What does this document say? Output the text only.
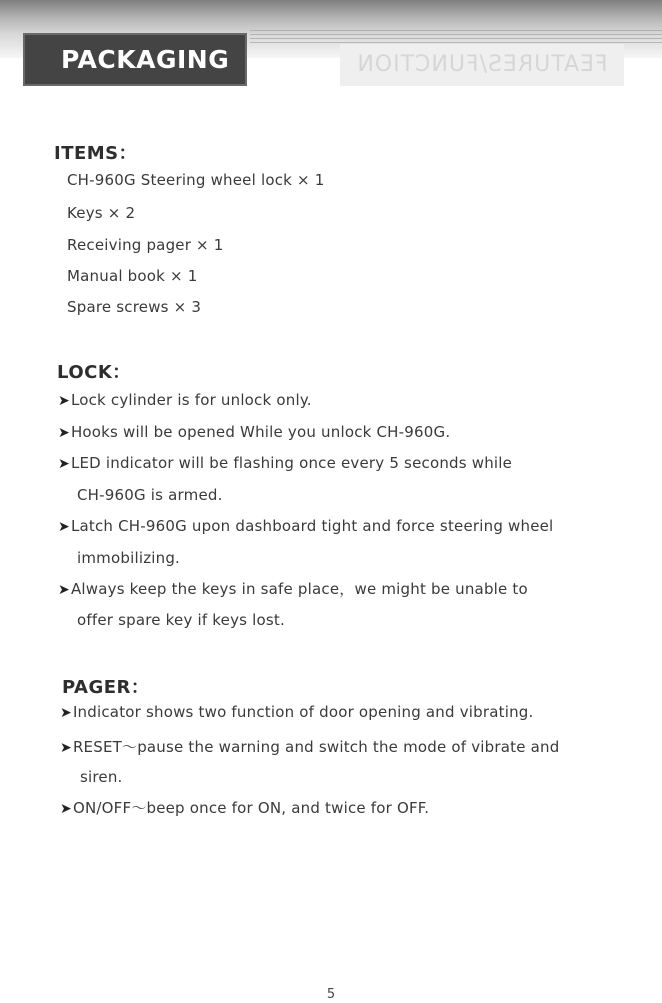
FEATURES/FUNCTION
PACKAGING
ITEMS：
CH-960G Steering wheel lock × 1
Keys × 2
Receiving pager × 1
Manual book × 1
Spare screws × 3
LOCK：
➤Lock cylinder is for unlock only.
➤Hooks will be opened While you unlock CH-960G.
➤LED indicator will be flashing once every 5 seconds while
CH-960G is armed.
➤Latch CH-960G upon dashboard tight and force steering wheel
immobilizing.
➤Always keep the keys in safe place，we might be unable to
offer spare key if keys lost.
PAGER：
➤Indicator shows two function of door opening and vibrating.
➤RESET～pause the warning and switch the mode of vibrate and
siren.
➤ON/OFF～beep once for ON, and twice for OFF.
5
